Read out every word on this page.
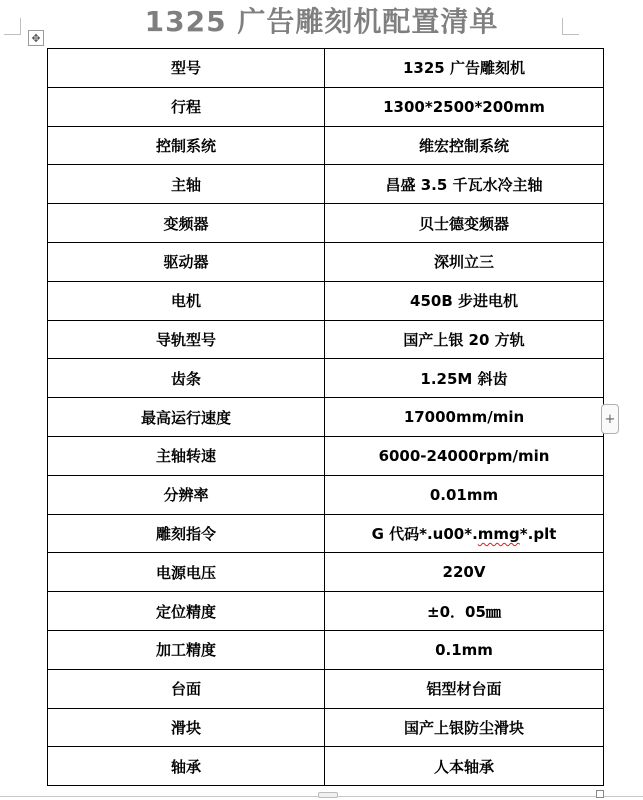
1325 广告雕刻机配置清单
✥
型号	1325 广告雕刻机
行程	1300*2500*200mm
控制系统	维宏控制系统
主轴	昌盛 3.5 千瓦水冷主轴
变频器	贝士德变频器
驱动器	深圳立三
电机	450B 步进电机
导轨型号	国产上银 20 方轨
齿条	1.25M 斜齿
最高运行速度	17000mm/min
主轴转速	6000-24000rpm/min
分辨率	0.01mm
雕刻指令	G 代码*.u00*.mmg*.plt
电源电压	220V
定位精度	±0．05㎜
加工精度	0.1mm
台面	铝型材台面
滑块	国产上银防尘滑块
轴承	人本轴承
+
